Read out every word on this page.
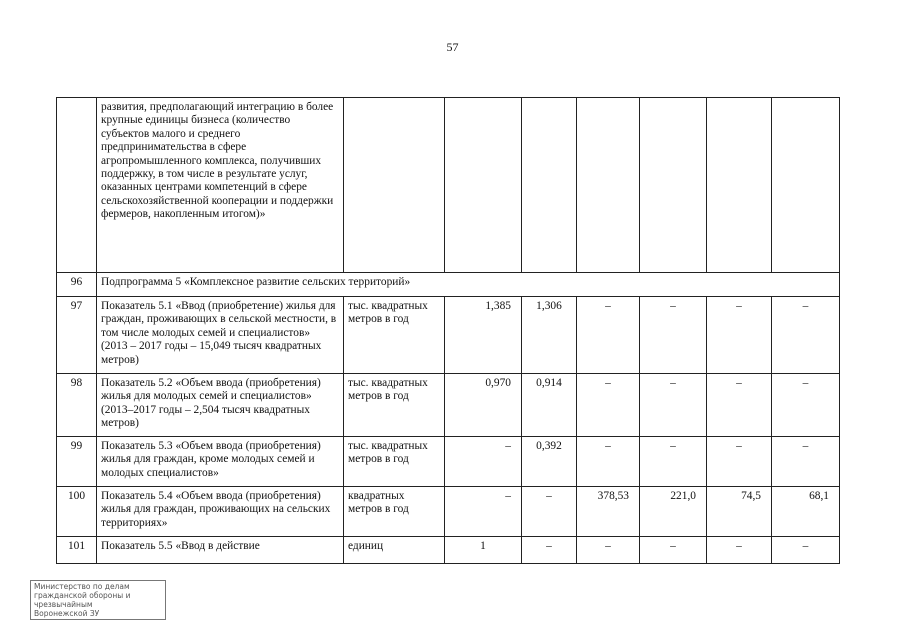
57
	развития, предполагающий интеграцию в более крупные единицы бизнеса (количество субъектов малого и среднего предпринимательства в сфере агропромышленного комплекса, получивших поддержку, в том числе в результате услуг, оказанных центрами компетенций в сфере сельскохозяйственной кооперации и поддержки фермеров, накопленным итогом)»							
96	Подпрограмма 5 «Комплексное развитие сельских территорий»							
97	Показатель 5.1 «Ввод (приобретение) жилья для граждан, проживающих в сельской местности, в том числе молодых семей и специалистов» (2013 – 2017 годы – 15,049 тысяч квадратных метров)	тыс. квадратных метров в год	1,385	1,306	–	–	–	–
98	Показатель 5.2 «Объем ввода (приобретения) жилья для молодых семей и специалистов» (2013–2017 годы – 2,504 тысяч квадратных метров)	тыс. квадратных метров в год	0,970	0,914	–	–	–	–
99	Показатель 5.3 «Объем ввода (приобретения) жилья для граждан, кроме молодых семей и молодых специалистов»	тыс. квадратных метров в год	–	0,392	–	–	–	–
100	Показатель 5.4 «Объем ввода (приобретения) жилья для граждан, проживающих на сельских территориях»	квадратных метров в год	–	–	378,53	221,0	74,5	68,1
101	Показатель 5.5 «Ввод в действие	единиц	1	–	–	–	–	–
Министерство по делам
гражданской обороны и чрезвычайным
Воронежской ЗУ
